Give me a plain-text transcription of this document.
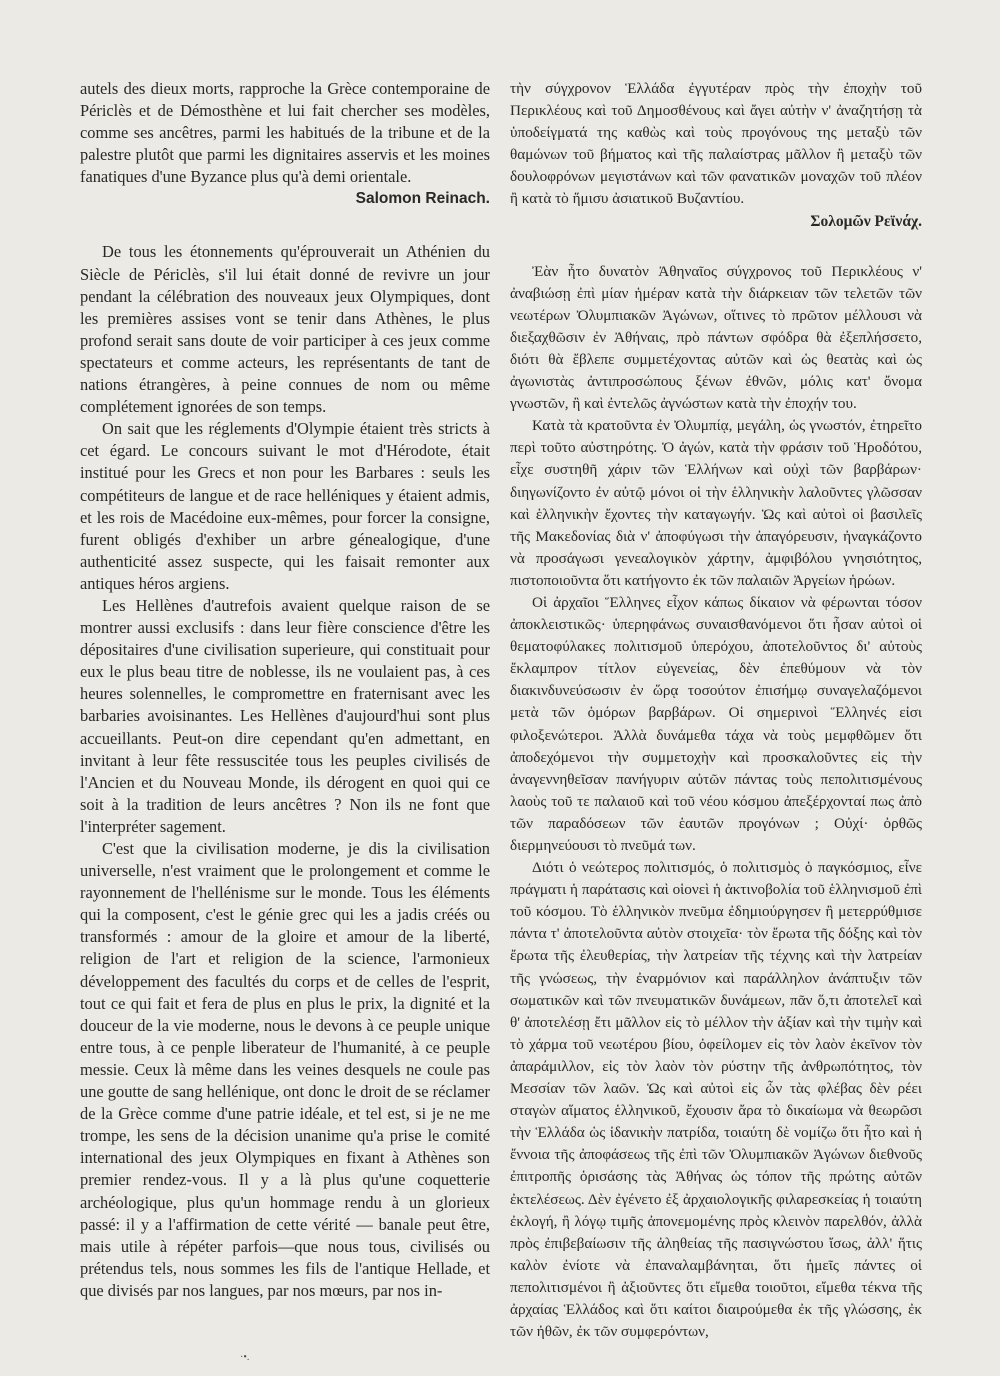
autels des dieux morts, rapproche la Grèce contemporaine de Périclès et de Démosthène et lui fait chercher ses modèles, comme ses ancêtres, parmi les habitués de la tribune et de la palestre plutôt que parmi les dignitaires asservis et les moines fanatiques d'une Byzance plus qu'à demi orientale.

Salomon Reinach.

De tous les étonnements qu'éprouverait un Athénien du Siècle de Périclès, s'il lui était donné de revivre un jour pendant la célébration des nouveaux jeux Olympiques, dont les premières assises vont se tenir dans Athènes, le plus profond serait sans doute de voir participer à ces jeux comme spectateurs et comme acteurs, les représentants de tant de nations étrangères, à peine connues de nom ou même complétement ignorées de son temps.

On sait que les réglements d'Olympie étaient très stricts à cet égard. Le concours suivant le mot d'Hérodote, était institué pour les Grecs et non pour les Barbares : seuls les compétiteurs de langue et de race helléniques y étaient admis, et les rois de Macédoine eux-mêmes, pour forcer la consigne, furent obligés d'exhiber un arbre génealogique, d'une authenticité assez suspecte, qui les faisait remonter aux antiques héros argiens.

Les Hellènes d'autrefois avaient quelque raison de se montrer aussi exclusifs : dans leur fière conscience d'être les dépositaires d'une civilisation superieure, qui constituait pour eux le plus beau titre de noblesse, ils ne voulaient pas, à ces heures solennelles, le compromettre en fraternisant avec les barbaries avoisinantes. Les Hellènes d'aujourd'hui sont plus accueillants. Peut-on dire cependant qu'en admettant, en invitant à leur fête ressuscitée tous les peuples civilisés de l'Ancien et du Nouveau Monde, ils dérogent en quoi qui ce soit à la tradition de leurs ancêtres ? Non ils ne font que l'interpréter sagement.

C'est que la civilisation moderne, je dis la civilisation universelle, n'est vraiment que le prolongement et comme le rayonnement de l'hellénisme sur le monde. Tous les éléments qui la composent, c'est le génie grec qui les a jadis créés ou transformés : amour de la gloire et amour de la liberté, religion de l'art et religion de la science, l'armonieux développement des facultés du corps et de celles de l'esprit, tout ce qui fait et fera de plus en plus le prix, la dignité et la douceur de la vie moderne, nous le devons à ce peuple unique entre tous, à ce penple liberateur de l'humanité, à ce peuple messie. Ceux là même dans les veines desquels ne coule pas une goutte de sang hellénique, ont donc le droit de se réclamer de la Grèce comme d'une patrie idéale, et tel est, si je ne me trompe, les sens de la décision unanime qu'a prise le comité international des jeux Olympiques en fixant à Athènes son premier rendez-vous. Il y a là plus qu'une coquetterie archéologique, plus qu'un hommage rendu à un glorieux passé: il y a l'affirmation de cette vérité — banale peut être, mais utile à répéter parfois—que nous tous, civilisés ou prétendus tels, nous sommes les fils de l'antique Hellade, et que divisés par nos langues, par nos mœurs, par nos in-

τὴν σύγχρονον Ἑλλάδα ἐγγυτέραν πρὸς τὴν ἐποχὴν τοῦ Περικλέους καὶ τοῦ Δημοσθένους καὶ ἄγει αὐτὴν ν' ἀναζητήσῃ τὰ ὑποδείγματά της καθὼς καὶ τοὺς προγόνους της μεταξὺ τῶν θαμώνων τοῦ βήματος καὶ τῆς παλαίστρας μᾶλλον ἢ μεταξὺ τῶν δουλοφρόνων μεγιστάνων καὶ τῶν φανατικῶν μοναχῶν τοῦ πλέον ἢ κατὰ τὸ ἥμισυ ἀσιατικοῦ Βυζαντίου.

Σολομῶν Ρεϊνάχ.

Ἐὰν ἦτο δυνατὸν Ἀθηναῖος σύγχρονος τοῦ Περικλέους ν' ἀναβιώσῃ ἐπὶ μίαν ἡμέραν κατὰ τὴν διάρκειαν τῶν τελετῶν τῶν νεωτέρων Ὀλυμπιακῶν Ἀγώνων, οἵτινες τὸ πρῶτον μέλλουσι νὰ διεξαχθῶσιν ἐν Ἀθήναις, πρὸ πάντων σφόδρα θὰ ἐξεπλήσσετο, διότι θὰ ἔβλεπε συμμετέχοντας αὐτῶν καὶ ὡς θεατὰς καὶ ὡς ἀγωνιστὰς ἀντιπροσώπους ξένων ἐθνῶν, μόλις κατ' ὄνομα γνωστῶν, ἢ καὶ ἐντελῶς ἀγνώστων κατὰ τὴν ἐποχήν του.

Κατὰ τὰ κρατοῦντα ἐν Ὀλυμπίᾳ, μεγάλη, ὡς γνωστόν, ἐτηρεῖτο περὶ τοῦτο αὐστηρότης. Ὁ ἀγών, κατὰ τὴν φράσιν τοῦ Ἡροδότου, εἶχε συστηθῆ χάριν τῶν Ἑλλήνων καὶ οὐχὶ τῶν βαρβάρων· διηγωνίζοντο ἐν αὐτῷ μόνοι οἱ τὴν ἑλληνικὴν λαλοῦντες γλῶσσαν καὶ ἑλληνικὴν ἔχοντες τὴν καταγωγήν. Ὡς καὶ αὐτοὶ οἱ βασιλεῖς τῆς Μακεδονίας διὰ ν' ἀποφύγωσι τὴν ἀπαγόρευσιν, ἠναγκάζοντο νὰ προσάγωσι γενεαλογικὸν χάρτην, ἀμφιβόλου γνησιότητος, πιστοποιοῦντα ὅτι κατήγοντο ἐκ τῶν παλαιῶν Ἀργείων ἡρώων.

Οἱ ἀρχαῖοι Ἕλληνες εἶχον κάπως δίκαιον νὰ φέρωνται τόσον ἀποκλειστικῶς· ὑπερηφάνως συναισθανόμενοι ὅτι ἦσαν αὐτοὶ οἱ θεματοφύλακες πολιτισμοῦ ὑπερόχου, ἀποτελοῦντος δι' αὐτοὺς ἔκλαμπρον τίτλον εὐγενείας, δὲν ἐπεθύμουν νὰ τὸν διακινδυνεύσωσιν ἐν ὥρᾳ τοσούτον ἐπισήμῳ συναγελαζόμενοι μετὰ τῶν ὁμόρων βαρβάρων. Οἱ σημερινοὶ Ἕλληνές εἰσι φιλοξενώτεροι. Ἀλλὰ δυνάμεθα τάχα νὰ τοὺς μεμφθῶμεν ὅτι ἀποδεχόμενοι τὴν συμμετοχὴν καὶ προσκαλοῦντες εἰς τὴν ἀναγεννηθεῖσαν πανήγυριν αὐτῶν πάντας τοὺς πεπολιτισμένους λαοὺς τοῦ τε παλαιοῦ καὶ τοῦ νέου κόσμου ἀπεξέρχονταί πως ἀπὸ τῶν παραδόσεων τῶν ἑαυτῶν προγόνων ; Οὐχί· ὀρθῶς διερμηνεύουσι τὸ πνεῦμά των.

Διότι ὁ νεώτερος πολιτισμός, ὁ πολιτισμὸς ὁ παγκόσμιος, εἶνε πράγματι ἡ παράτασις καὶ οἱονεὶ ἡ ἀκτινοβολία τοῦ ἑλληνισμοῦ ἐπὶ τοῦ κόσμου. Τὸ ἑλληνικὸν πνεῦμα ἐδημιούργησεν ἢ μετερρύθμισε πάντα τ' ἀποτελοῦντα αὐτὸν στοιχεῖα· τὸν ἔρωτα τῆς δόξης καὶ τὸν ἔρωτα τῆς ἐλευθερίας, τὴν λατρείαν τῆς τέχνης καὶ τὴν λατρείαν τῆς γνώσεως, τὴν ἐναρμόνιον καὶ παράλληλον ἀνάπτυξιν τῶν σωματικῶν καὶ τῶν πνευματικῶν δυνάμεων, πᾶν ὅ,τι ἀποτελεῖ καὶ θ' ἀποτελέσῃ ἔτι μᾶλλον εἰς τὸ μέλλον τὴν ἀξίαν καὶ τὴν τιμὴν καὶ τὸ χάρμα τοῦ νεωτέρου βίου, ὀφείλομεν εἰς τὸν λαὸν ἐκεῖνον τὸν ἀπαράμιλλον, εἰς τὸν λαὸν τὸν ρύστην τῆς ἀνθρωπότητος, τὸν Μεσσίαν τῶν λαῶν. Ὡς καὶ αὐτοὶ εἰς ὧν τὰς φλέβας δὲν ρέει σταγὼν αἵματος ἑλληνικοῦ, ἔχουσιν ἄρα τὸ δικαίωμα νὰ θεωρῶσι τὴν Ἑλλάδα ὡς ἰδανικὴν πατρίδα, τοιαύτη δὲ νομίζω ὅτι ἦτο καὶ ἡ ἔννοια τῆς ἀποφάσεως τῆς ἐπὶ τῶν Ὀλυμπιακῶν Ἀγώνων διεθνοῦς ἐπιτροπῆς ὁρισάσης τὰς Ἀθήνας ὡς τόπον τῆς πρώτης αὐτῶν ἐκτελέσεως. Δὲν ἐγένετο ἐξ ἀρχαιολογικῆς φιλαρεσκείας ἡ τοιαύτη ἐκλογή, ἢ λόγῳ τιμῆς ἀπονεμομένης πρὸς κλεινὸν παρελθόν, ἀλλὰ πρὸς ἐπιβεβαίωσιν τῆς ἀληθείας τῆς πασιγνώστου ἴσως, ἀλλ' ἥτις καλὸν ἐνίοτε νὰ ἐπαναλαμβάνηται, ὅτι ἡμεῖς πάντες οἱ πεπολιτισμένοι ἢ ἀξιοῦντες ὅτι εἴμεθα τοιοῦτοι, εἴμεθα τέκνα τῆς ἀρχαίας Ἑλλάδος καὶ ὅτι καίτοι διαιρούμεθα ἐκ τῆς γλώσσης, ἐκ τῶν ἠθῶν, ἐκ τῶν συμφερόντων,

·•.
